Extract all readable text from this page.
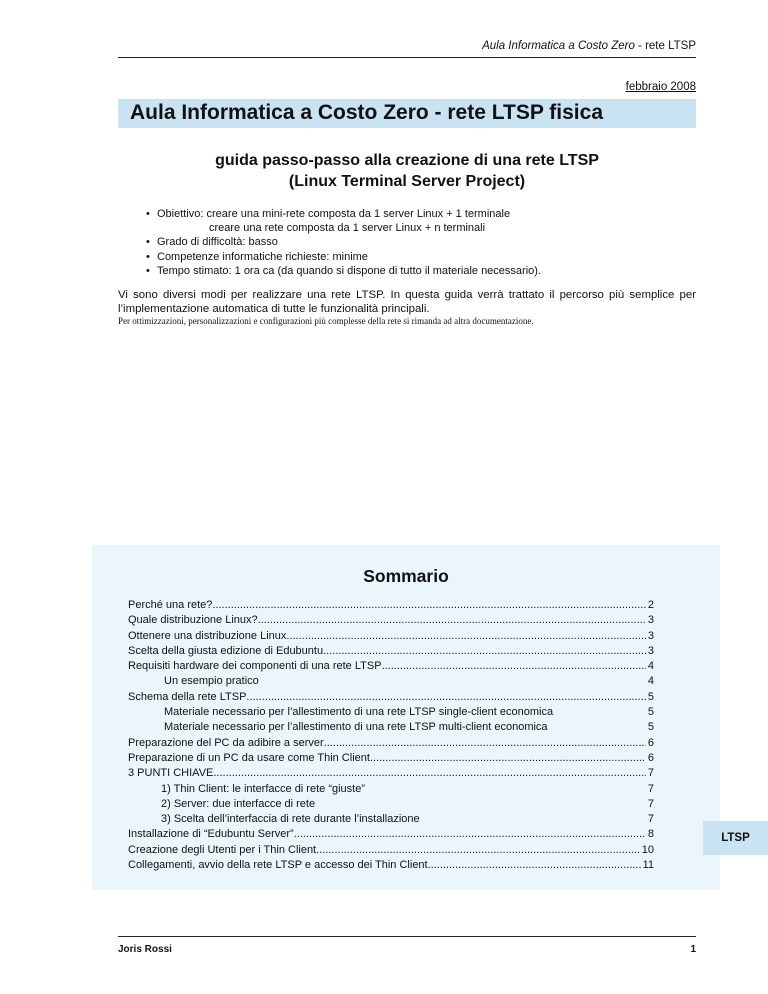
Aula Informatica a Costo Zero - rete LTSP
febbraio 2008
Aula Informatica a Costo Zero - rete LTSP fisica
guida passo-passo alla creazione di una rete LTSP
(Linux Terminal Server Project)
• Obiettivo: creare una mini-rete composta da 1 server Linux + 1 terminale
creare una rete composta da 1 server Linux + n terminali
• Grado di difficoltà: basso
• Competenze informatiche richieste: minime
• Tempo stimato: 1 ora ca (da quando si dispone di tutto il materiale necessario).
Vi sono diversi modi per realizzare una rete LTSP. In questa guida verrà trattato il percorso più semplice per l’implementazione automatica di tutte le funzionalità principali.
Per ottimizzazioni, personalizzazioni e configurazioni più complesse della rete si rimanda ad altra documentazione.
Sommario
Perché una rete? .....	2
Quale distribuzione Linux? .....	3
Ottenere una distribuzione Linux .....	3
Scelta della giusta edizione di Edubuntu .....	3
Requisiti hardware dei componenti di una rete LTSP .....	4
Un esempio pratico	4
Schema della rete LTSP .....	5
Materiale necessario per l’allestimento di una rete LTSP single-client economica	5
Materiale necessario per l’allestimento di una rete LTSP multi-client economica	5
Preparazione del PC da adibire a server .....	6
Preparazione di un PC da usare come Thin Client .....	6
3 PUNTI CHIAVE .....	7
1) Thin Client: le interfacce di rete “giuste”	7
2) Server: due interfacce di rete	7
3) Scelta dell’interfaccia di rete durante l’installazione	7
Installazione di “Edubuntu Server” .....	8
Creazione degli Utenti per i Thin Client .....	10
Collegamenti, avvio della rete LTSP e accesso dei Thin Client .....	11
LTSP
Joris Rossi	1
